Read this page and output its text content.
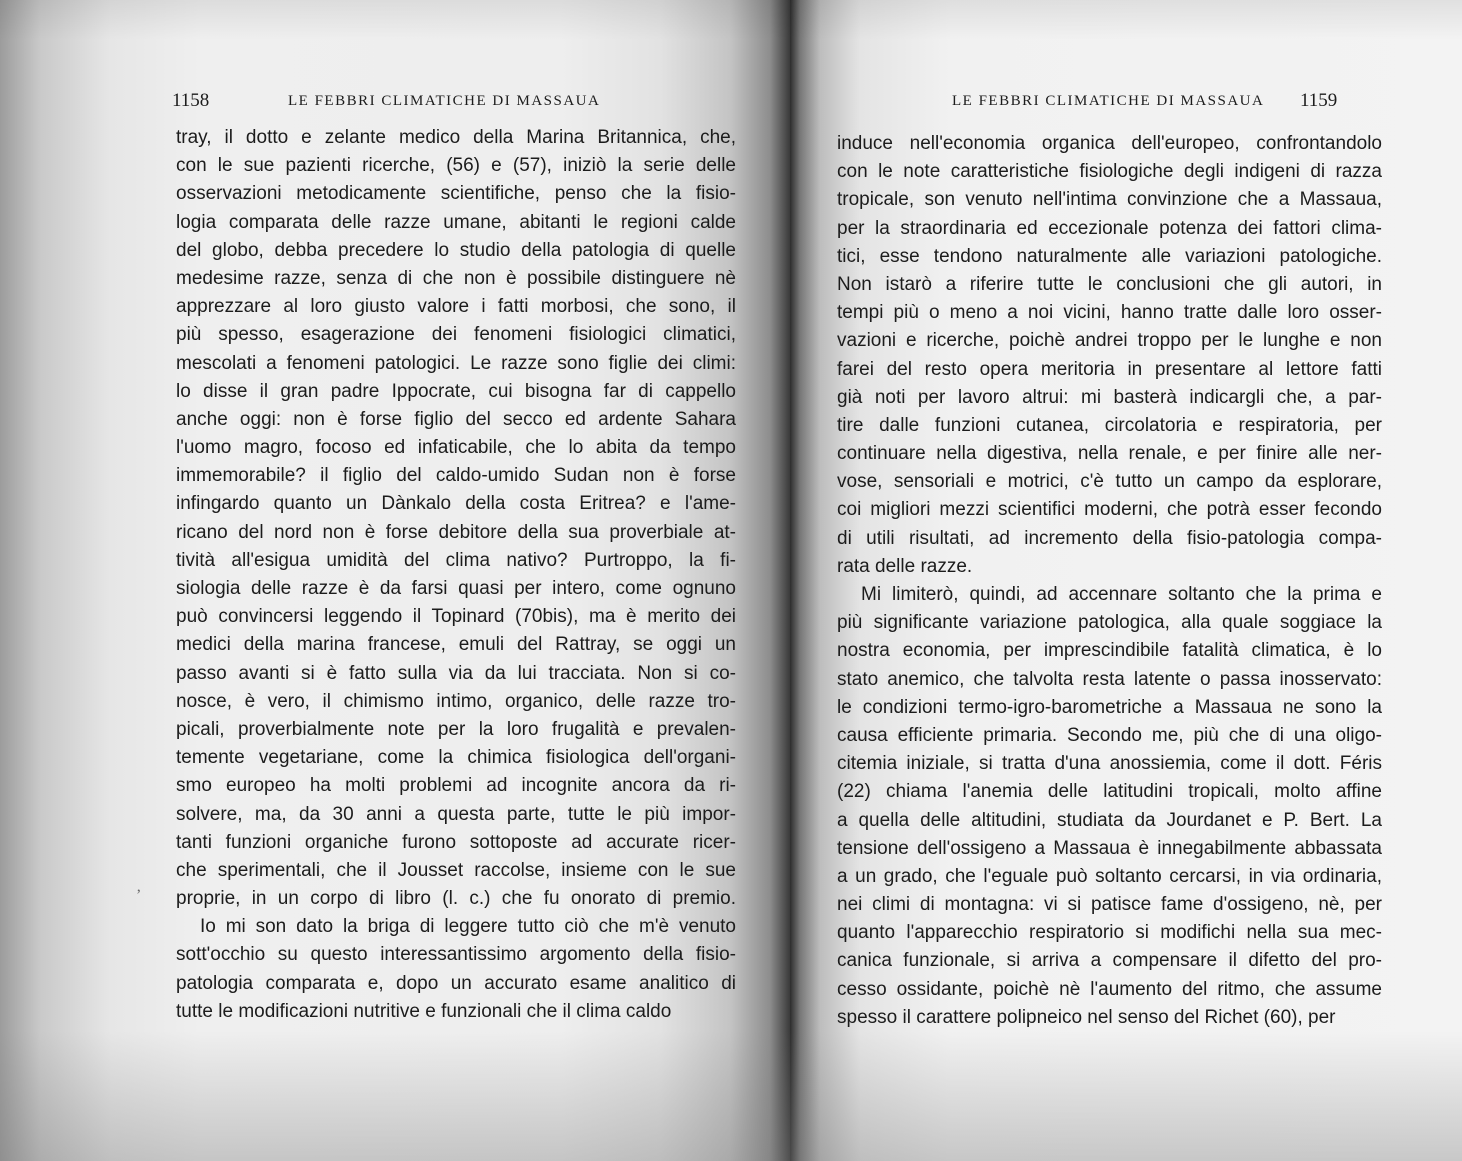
1158	LE FEBBRI CLIMATICHE DI MASSAUA
tray, il dotto e zelante medico della Marina Britannica, che,
con le sue pazienti ricerche, (56) e (57), iniziò la serie delle
osservazioni metodicamente scientifiche, penso che la fisio-
logia comparata delle razze umane, abitanti le regioni calde
del globo, debba precedere lo studio della patologia di quelle
medesime razze, senza di che non è possibile distinguere nè
apprezzare al loro giusto valore i fatti morbosi, che sono, il
più spesso, esagerazione dei fenomeni fisiologici climatici,
mescolati a fenomeni patologici. Le razze sono figlie dei climi:
lo disse il gran padre Ippocrate, cui bisogna far di cappello
anche oggi: non è forse figlio del secco ed ardente Sahara
l'uomo magro, focoso ed infaticabile, che lo abita da tempo
immemorabile? il figlio del caldo-umido Sudan non è forse
infingardo quanto un Dànkalo della costa Eritrea? e l'ame-
ricano del nord non è forse debitore della sua proverbiale at-
tività all'esigua umidità del clima nativo? Purtroppo, la fi-
siologia delle razze è da farsi quasi per intero, come ognuno
può convincersi leggendo il Topinard (70bis), ma è merito dei
medici della marina francese, emuli del Rattray, se oggi un
passo avanti si è fatto sulla via da lui tracciata. Non si co-
nosce, è vero, il chimismo intimo, organico, delle razze tro-
picali, proverbialmente note per la loro frugalità e prevalen-
temente vegetariane, come la chimica fisiologica dell'organi-
smo europeo ha molti problemi ad incognite ancora da ri-
solvere, ma, da 30 anni a questa parte, tutte le più impor-
tanti funzioni organiche furono sottoposte ad accurate ricer-
che sperimentali, che il Jousset raccolse, insieme con le sue
proprie, in un corpo di libro (l. c.) che fu onorato di premio.
Io mi son dato la briga di leggere tutto ciò che m'è venuto
sott'occhio su questo interessantissimo argomento della fisio-
patologia comparata e, dopo un accurato esame analitico di
tutte le modificazioni nutritive e funzionali che il clima caldo
’
LE FEBBRI CLIMATICHE DI MASSAUA 1159
induce nell'economia organica dell'europeo, confrontandolo
con le note caratteristiche fisiologiche degli indigeni di razza
tropicale, son venuto nell'intima convinzione che a Massaua,
per la straordinaria ed eccezionale potenza dei fattori clima-
tici, esse tendono naturalmente alle variazioni patologiche.
Non istarò a riferire tutte le conclusioni che gli autori, in
tempi più o meno a noi vicini, hanno tratte dalle loro osser-
vazioni e ricerche, poichè andrei troppo per le lunghe e non
farei del resto opera meritoria in presentare al lettore fatti
già noti per lavoro altrui: mi basterà indicargli che, a par-
tire dalle funzioni cutanea, circolatoria e respiratoria, per
continuare nella digestiva, nella renale, e per finire alle ner-
vose, sensoriali e motrici, c'è tutto un campo da esplorare,
coi migliori mezzi scientifici moderni, che potrà esser fecondo
di utili risultati, ad incremento della fisio-patologia compa-
rata delle razze.
Mi limiterò, quindi, ad accennare soltanto che la prima e
più significante variazione patologica, alla quale soggiace la
nostra economia, per imprescindibile fatalità climatica, è lo
stato anemico, che talvolta resta latente o passa inosservato:
le condizioni termo-igro-barometriche a Massaua ne sono la
causa efficiente primaria. Secondo me, più che di una oligo-
citemia iniziale, si tratta d'una anossiemia, come il dott. Féris
(22) chiama l'anemia delle latitudini tropicali, molto affine
a quella delle altitudini, studiata da Jourdanet e P. Bert. La
tensione dell'ossigeno a Massaua è innegabilmente abbassata
a un grado, che l'eguale può soltanto cercarsi, in via ordinaria,
nei climi di montagna: vi si patisce fame d'ossigeno, nè, per
quanto l'apparecchio respiratorio si modifichi nella sua mec-
canica funzionale, si arriva a compensare il difetto del pro-
cesso ossidante, poichè nè l'aumento del ritmo, che assume
spesso il carattere polipneico nel senso del Richet (60), per
